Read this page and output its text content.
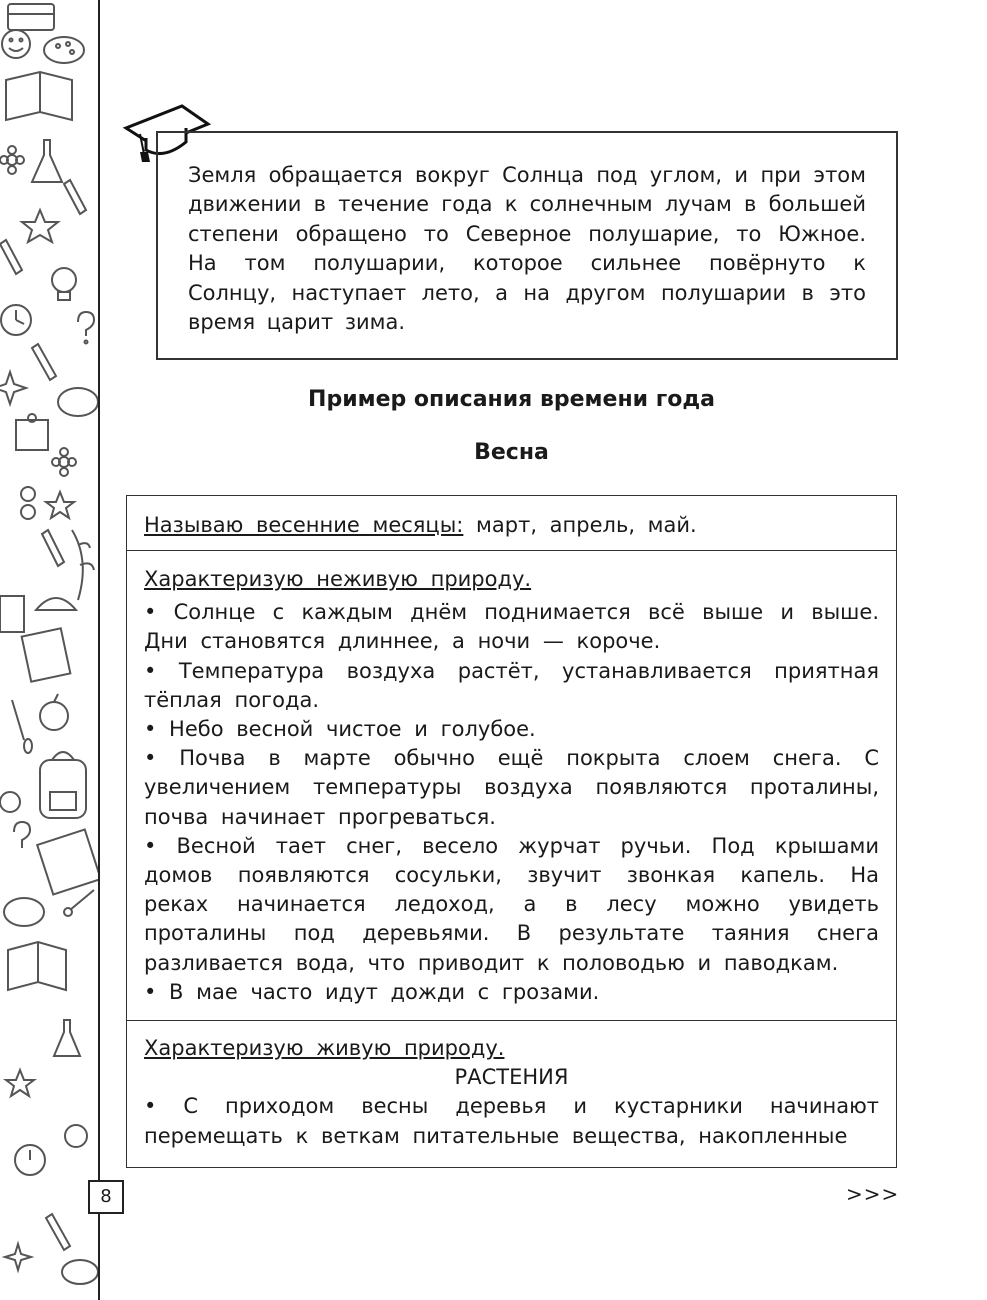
8
Земля обращается вокруг Солнца под углом, и при этом движении в течение года к солнечным лучам в большей степени обращено то Северное полушарие, то Южное. На том полушарии, которое сильнее повёрнуто к Солнцу, наступает лето, а на другом полушарии в это время царит зима.
Пример описания времени года
Весна
Называю весенние месяцы: март, апрель, май.
Характеризую неживую природу.
• Солнце с каждым днём поднимается всё выше и выше. Дни становятся длиннее, а ночи — короче.
• Температура воздуха растёт, устанавливается приятная тёплая погода.
• Небо весной чистое и голубое.
• Почва в марте обычно ещё покрыта слоем снега. С увеличением температуры воздуха появляются проталины, почва начинает прогреваться.
• Весной тает снег, весело журчат ручьи. Под крышами домов появляются сосульки, звучит звонкая капель. На реках начинается ледоход, а в лесу можно увидеть проталины под деревьями. В результате таяния снега разливается вода, что приводит к половодью и паводкам.
• В мае часто идут дожди с грозами.
Характеризую живую природу.
РАСТЕНИЯ
• С приходом весны деревья и кустарники начинают перемещать к веткам питательные вещества, накопленные
>>>
